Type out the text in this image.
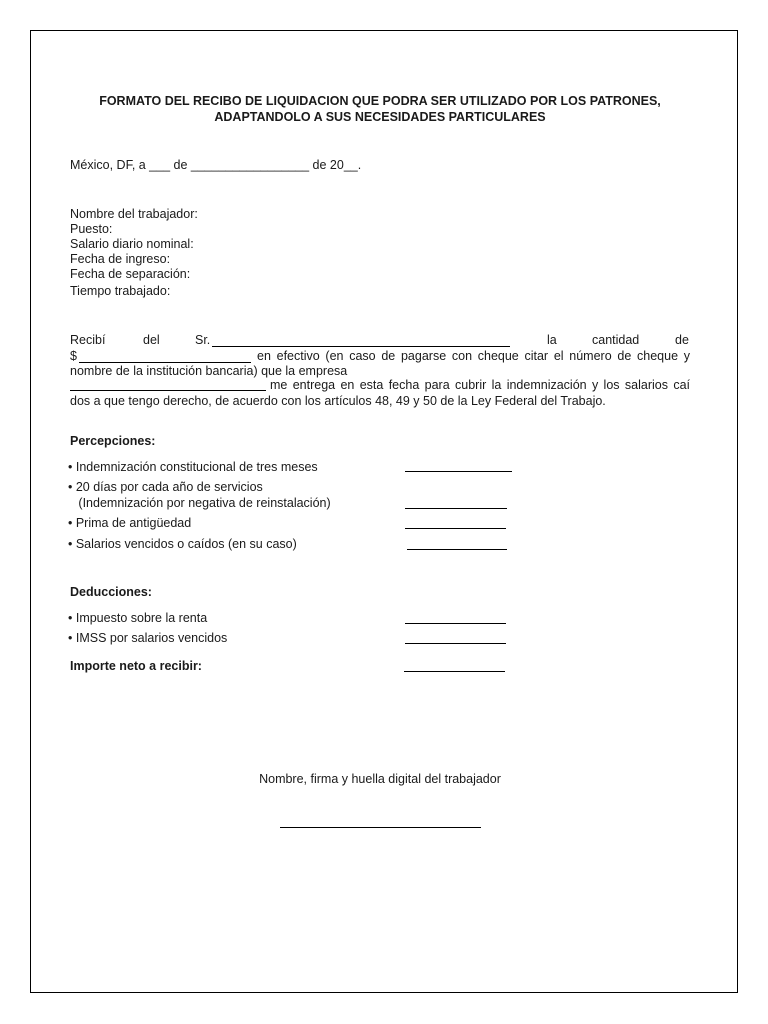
FORMATO DEL RECIBO DE LIQUIDACION QUE PODRA SER UTILIZADO POR LOS PATRONES,
ADAPTANDOLO A SUS NECESIDADES PARTICULARES
México, DF, a ___ de _________________ de 20__.
Nombre del trabajador:
Puesto:
Salario diario nominal:
Fecha de ingreso:
Fecha de separación:
Tiempo trabajado:
Recibí	del	Sr.	la	cantidad	de
$	en efectivo (en caso de pagarse con cheque citar el número de cheque y
nombre de la institución bancaria) que la empresa
me entrega en esta fecha para cubrir la indemnización y los salarios caí
dos a que tengo derecho, de acuerdo con los artículos 48, 49 y 50 de la Ley Federal del Trabajo.
Percepciones:
• Indemnización constitucional de tres meses
• 20 días por cada año de servicios
(Indemnización por negativa de reinstalación)
• Prima de antigüedad
• Salarios vencidos o caídos (en su caso)
Deducciones:
• Impuesto sobre la renta
• IMSS por salarios vencidos
Importe neto a recibir:
Nombre, firma y huella digital del trabajador
